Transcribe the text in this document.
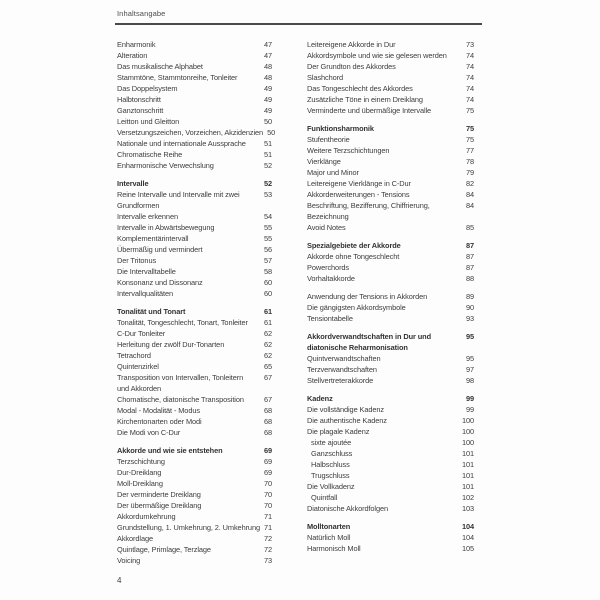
Inhaltsangabe
Enharmonik	47
Alteration	47
Das musikalische Alphabet	48
Stammtöne, Stammtonreihe, Tonleiter	48
Das Doppelsystem	49
Halbtonschritt	49
Ganztonschritt	49
Leitton und Gleitton	50
Versetzungszeichen, Vorzeichen, Akzidenzien 50
Nationale und internationale Aussprache 51
Chromatische Reihe	51
Enharmonische Verwechslung	52
Intervalle	52
Reine Intervalle und Intervalle mit zwei	53
Grundformen
Intervalle erkennen	54
Intervalle in Abwärtsbewegung	55
Komplementärintervall	55
Übermäßig und vermindert	56
Der Tritonus	57
Die Intervalltabelle	58
Konsonanz und Dissonanz	60
Intervallqualitäten	60
Tonalität und Tonart	61
Tonalität, Tongeschlecht, Tonart, Tonleiter 61
C-Dur Tonleiter	62
Herleitung der zwölf Dur-Tonarten	62
Tetrachord	62
Quintenzirkel	65
Transposition von Intervallen, Tonleitern	67
und Akkorden
Chomatische, diatonische Transposition	67
Modal - Modalität - Modus	68
Kirchentonarten oder Modi	68
Die Modi von C-Dur	68
Akkorde und wie sie entstehen	69
Terzschichtung	69
Dur-Dreiklang	69
Moll-Dreiklang	70
Der verminderte Dreiklang	70
Der übermäßige Dreiklang	70
Akkordumkehrung	71
Grundstellung, 1. Umkehrung, 2. Umkehrung 71
Akkordlage	72
Quintlage, Primlage, Terzlage	72
Voicing	73
Leitereigene Akkorde in Dur	73
Akkordsymbole und wie sie gelesen werden	74
Der Grundton des Akkordes	74
Slashchord	74
Das Tongeschlecht des Akkordes	74
Zusätzliche Töne in einem Dreiklang	74
Verminderte und übermäßige Intervalle	75
Funktionsharmonik	75
Stufentheorie	75
Weitere Terzschichtungen	77
Vierklänge	78
Major und Minor	79
Leitereigene Vierklänge in C-Dur	82
Akkorderweiterungen - Tensions	84
Beschriftung, Bezifferung, Chiffrierung,	84
Bezeichnung
Avoid Notes	85
Spezialgebiete der Akkorde	87
Akkorde ohne Tongeschlecht	87
Powerchords	87
Vorhaltakkorde	88
Anwendung der Tensions in Akkorden	89
Die gängigsten Akkordsymbole	90
Tensiontabelle	93
Akkordverwandtschaften in Dur und	95
diatonische Reharmonisation
Quintverwandtschaften	95
Terzverwandtschaften	97
Stellvertreterakkorde	98
Kadenz	99
Die vollständige Kadenz	99
Die authentische Kadenz	100
Die plagale Kadenz	100
sixte ajoutée	100
Ganzschluss	101
Halbschluss	101
Trugschluss	101
Die Vollkadenz	101
Quintfall	102
Diatonische Akkordfolgen	103
Molltonarten	104
Natürlich Moll	104
Harmonisch Moll	105
4
